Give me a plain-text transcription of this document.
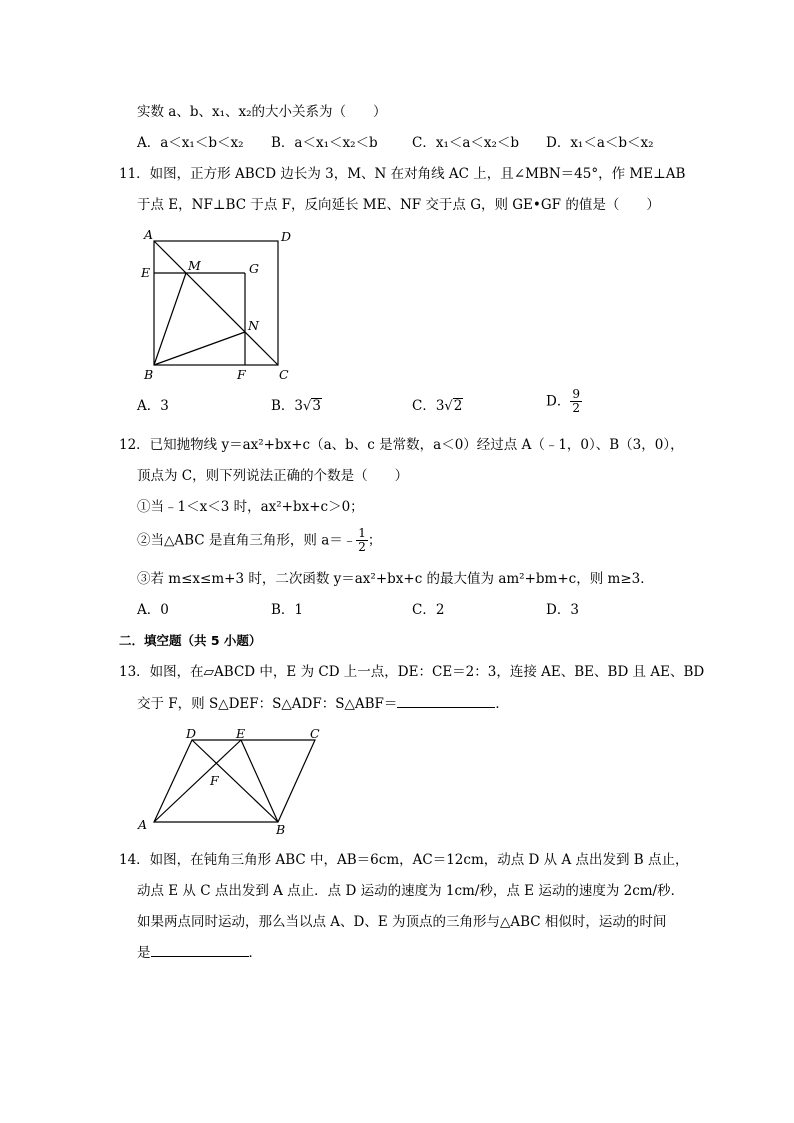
实数 a、b、x₁、x₂的大小关系为（　　）
A．a＜x₁＜b＜x₂ B．a＜x₁＜x₂＜b	C．x₁＜a＜x₂＜b D．x₁＜a＜b＜x₂
11．如图，正方形 ABCD 边长为 3，M、N 在对角线 AC 上，且∠MBN＝45°，作 ME⊥AB
于点 E，NF⊥BC 于点 F，反向延长 ME、NF 交于点 G，则 GE•GF 的值是（　　）
A	D
E	M	G
N
B	F	C
A．3	B．3√3	C．3√2	D． $\frac{9}{2}$
12．已知抛物线 y＝ax²+bx+c（a、b、c 是常数，a＜0）经过点 A（﹣1，0）、B（3，0），
顶点为 C，则下列说法正确的个数是（　　）
①当﹣1＜x＜3 时，ax²+bx+c＞0；
②当△ABC 是直角三角形，则 a＝﹣ $\frac{1}{2}$ ；
③若 m≤x≤m+3 时，二次函数 y＝ax²+bx+c 的最大值为 am²+bm+c，则 m≥3．
A．0	B．1	C．2	D．3
二．填空题（共 5 小题）
13．如图，在▱ABCD 中，E 为 CD 上一点，DE：CE＝2：3，连接 AE、BE、BD 且 AE、BD
交于 F，则 S△DEF：S△ADF：S△ABF＝	．
D	E	C
F
A	B
14．如图，在钝角三角形 ABC 中，AB＝6cm，AC＝12cm，动点 D 从 A 点出发到 B 点止，
动点 E 从 C 点出发到 A 点止．点 D 运动的速度为 1cm/秒，点 E 运动的速度为 2cm/秒．
如果两点同时运动，那么当以点 A、D、E 为顶点的三角形与△ABC 相似时，运动的时间
是	．
